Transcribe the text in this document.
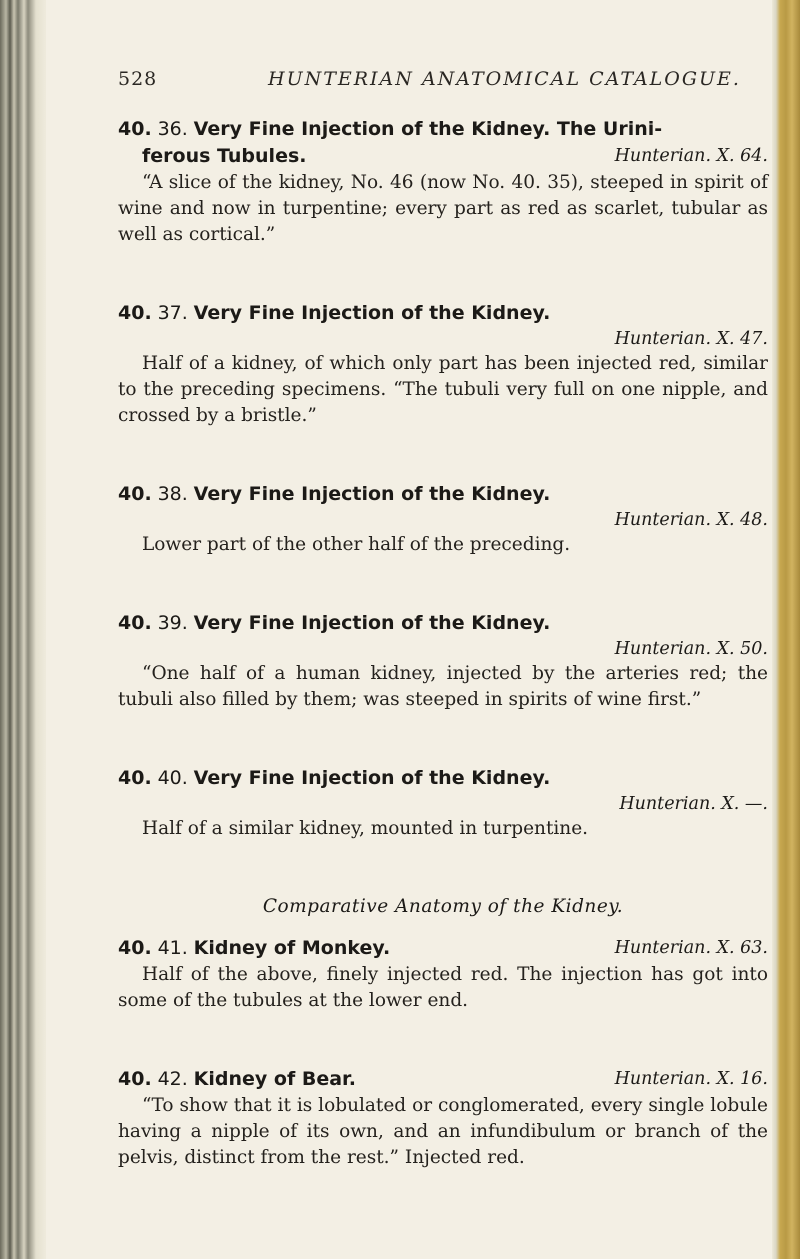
528	HUNTERIAN ANATOMICAL CATALOGUE.
40. 36. Very Fine Injection of the Kidney. The Urini-
ferous Tubules.	Hunterian. X. 64.

“A slice of the kidney, No. 46 (now No. 40. 35), steeped in spirit of wine and now in turpentine; every part as red as scarlet, tubular as well as cortical.”

40. 37. Very Fine Injection of the Kidney.
Hunterian. X. 47.

Half of a kidney, of which only part has been injected red, similar to the preceding specimens. “The tubuli very full on one nipple, and crossed by a bristle.”

40. 38. Very Fine Injection of the Kidney.
Hunterian. X. 48.

Lower part of the other half of the preceding.

40. 39. Very Fine Injection of the Kidney.
Hunterian. X. 50.

“One half of a human kidney, injected by the arteries red; the tubuli also filled by them; was steeped in spirits of wine first.”

40. 40. Very Fine Injection of the Kidney.
Hunterian. X. —.

Half of a similar kidney, mounted in turpentine.

Comparative Anatomy of the Kidney.
40. 41. Kidney of Monkey.	Hunterian. X. 63.

Half of the above, finely injected red. The injection has got into some of the tubules at the lower end.

40. 42. Kidney of Bear.	Hunterian. X. 16.

“To show that it is lobulated or conglomerated, every single lobule having a nipple of its own, and an infundibulum or branch of the pelvis, distinct from the rest.” Injected red.
